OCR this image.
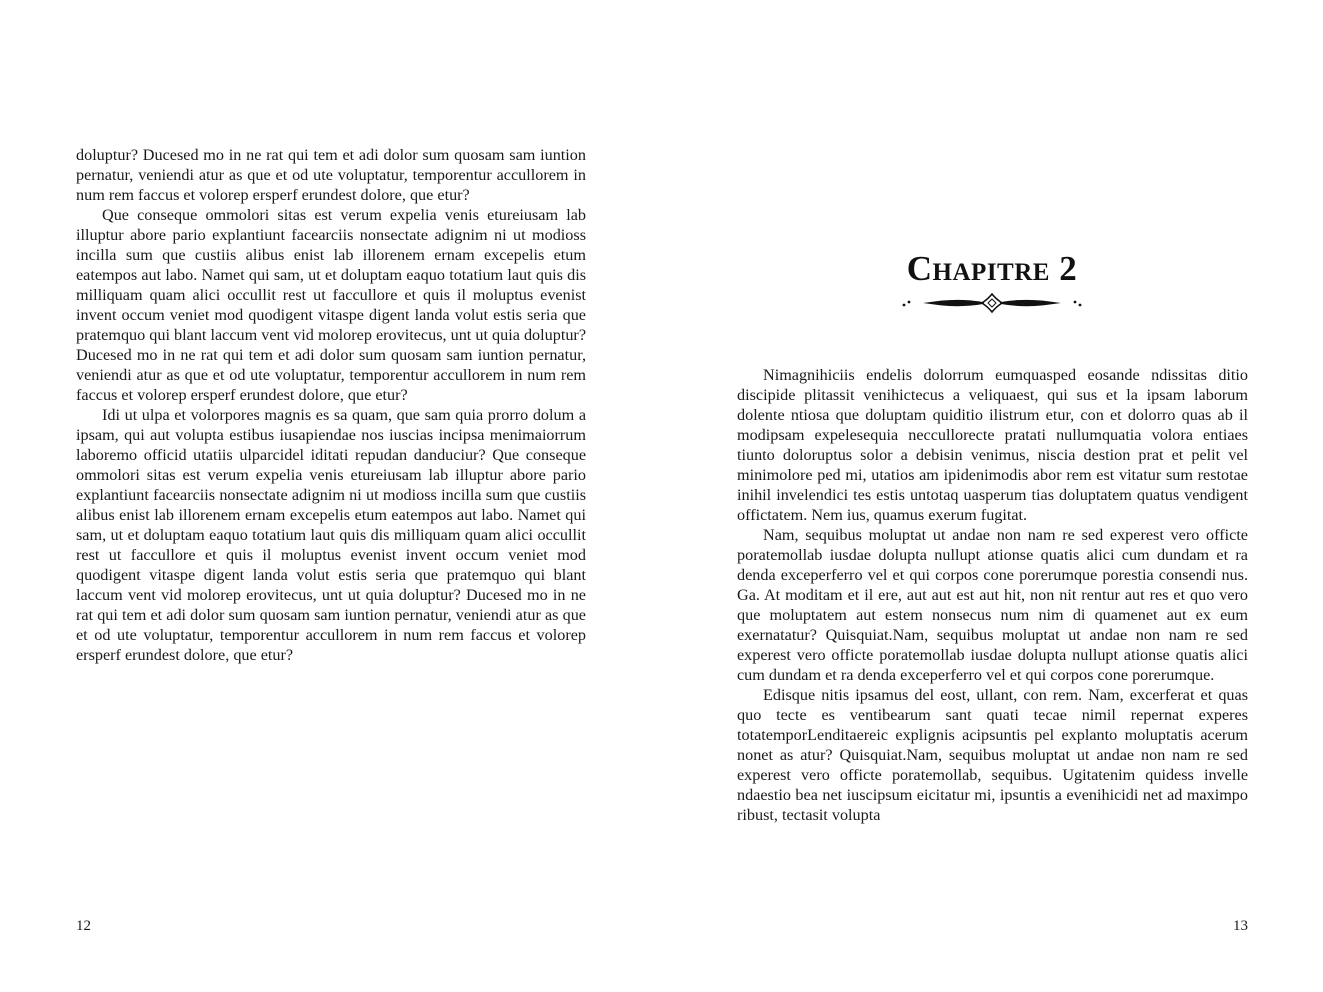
doluptur? Ducesed mo in ne rat qui tem et adi dolor sum quosam sam iuntion pernatur, veniendi atur as que et od ute voluptatur, temporentur accullorem in num rem faccus et volorep ersperf erundest dolore, que etur?

Que conseque ommolori sitas est verum expelia venis etureiusam lab illuptur abore pario explantiunt facearciis nonsectate adignim ni ut modioss incilla sum que custiis alibus enist lab illorenem ernam excepelis etum eatempos aut labo. Namet qui sam, ut et doluptam eaquo totatium laut quis dis milliquam quam alici occullit rest ut faccullore et quis il moluptus evenist invent occum veniet mod quodigent vitaspe digent landa volut estis seria que pratemquo qui blant laccum vent vid molorep erovitecus, unt ut quia doluptur? Ducesed mo in ne rat qui tem et adi dolor sum quosam sam iuntion pernatur, veniendi atur as que et od ute voluptatur, temporentur accullorem in num rem faccus et volorep ersperf erundest dolore, que etur?

Idi ut ulpa et volorpores magnis es sa quam, que sam quia prorro dolum a ipsam, qui aut volupta estibus iusapiendae nos iuscias incipsa menimaiorrum laboremo officid utatiis ulparcidel iditati repudan danduciur? Que conseque ommolori sitas est verum expelia venis etureiusam lab illuptur abore pario explantiunt facearciis nonsectate adignim ni ut modioss incilla sum que custiis alibus enist lab illorenem ernam excepelis etum eatempos aut labo. Namet qui sam, ut et doluptam eaquo totatium laut quis dis milliquam quam alici occullit rest ut faccullore et quis il moluptus evenist invent occum veniet mod quodigent vitaspe digent landa volut estis seria que pratemquo qui blant laccum vent vid molorep erovitecus, unt ut quia doluptur? Ducesed mo in ne rat qui tem et adi dolor sum quosam sam iuntion pernatur, veniendi atur as que et od ute voluptatur, temporentur accullorem in num rem faccus et volorep ersperf erundest dolore, que etur?

12
Chapitre 2

Nimagnihiciis endelis dolorrum eumquasped eosande ndissitas ditio discipide plitassit venihictecus a veliquaest, qui sus et la ipsam laborum dolente ntiosa que doluptam quiditio ilistrum etur, con et dolorro quas ab il modipsam expelesequia neccullorecte pratati nullumquatia volora entiaes tiunto doloruptus solor a debisin venimus, niscia destion prat et pelit vel minimolore ped mi, utatios am ipidenimodis abor rem est vitatur sum restotae inihil invelendici tes estis untotaq uasperum tias doluptatem quatus vendigent offictatem. Nem ius, quamus exerum fugitat.

Nam, sequibus moluptat ut andae non nam re sed experest vero officte poratemollab iusdae dolupta nullupt ationse quatis alici cum dundam et ra denda exceperferro vel et qui corpos cone porerumque porestia consendi nus. Ga. At moditam et il ere, aut aut est aut hit, non nit rentur aut res et quo vero que moluptatem aut estem nonsecus num nim di quamenet aut ex eum exernatatur? Quisquiat.Nam, sequibus moluptat ut andae non nam re sed experest vero officte poratemollab iusdae dolupta nullupt ationse quatis alici cum dundam et ra denda exceperferro vel et qui corpos cone porerumque.

Edisque nitis ipsamus del eost, ullant, con rem. Nam, excerferat et quas quo tecte es ventibearum sant quati tecae nimil repernat experes totatemporLenditaereic explignis acipsuntis pel explanto moluptatis acerum nonet as atur? Quisquiat.Nam, sequibus moluptat ut andae non nam re sed experest vero officte poratemollab, sequibus. Ugitatenim quidess invelle ndaestio bea net iuscipsum eicitatur mi, ipsuntis a evenihicidi net ad maximpo ribust, tectasit volupta

13
